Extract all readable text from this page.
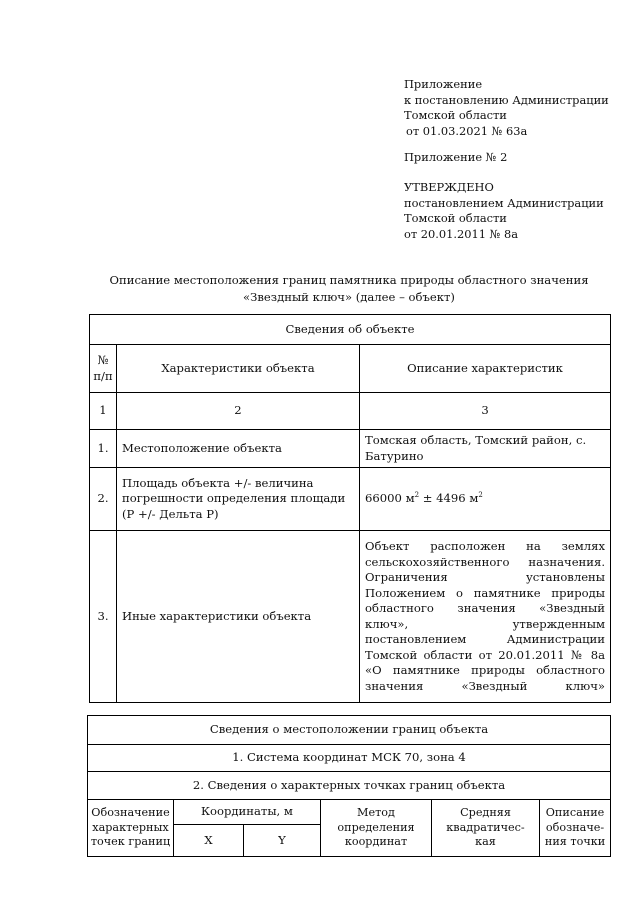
Приложение
к постановлению Администрации
Томской области
от 01.03.2021 № 63а
Приложение № 2
УТВЕРЖДЕНО
постановлением Администрации
Томской области
от 20.01.2011 № 8а
Описание местоположения границ памятника природы областного значения
«Звездный ключ» (далее – объект)
Сведения об объекте		
№ п/п	Характеристики объекта	Описание характеристик
1	2	3
1.	Местоположение объекта	Томская область, Томский район, с. Батурино
2.	Площадь объекта +/- величина погрешности определения площади (Р +/- Дельта Р)	66000 $м^2 \pm 4496$ $м^2$
3.	Иные характеристики объекта	Объект расположен на землях сельскохозяйственного назначения. Ограничения установлены Положением о памятнике природы областного значения «Звездный ключ», утвержденным постановлением Администрации Томской области от 20.01.2011 № 8а «О памятнике природы областного значения «Звездный ключ»
Сведения о местоположении границ объекта					
1. Система координат МСК 70, зона 4					
2. Сведения о характерных точках границ объекта					
Обозначение характерных точек границ	Координаты, м		Метод определения координат	Средняя квадратичес-кая	Описание обозначе-ния точки
	X	Y			
